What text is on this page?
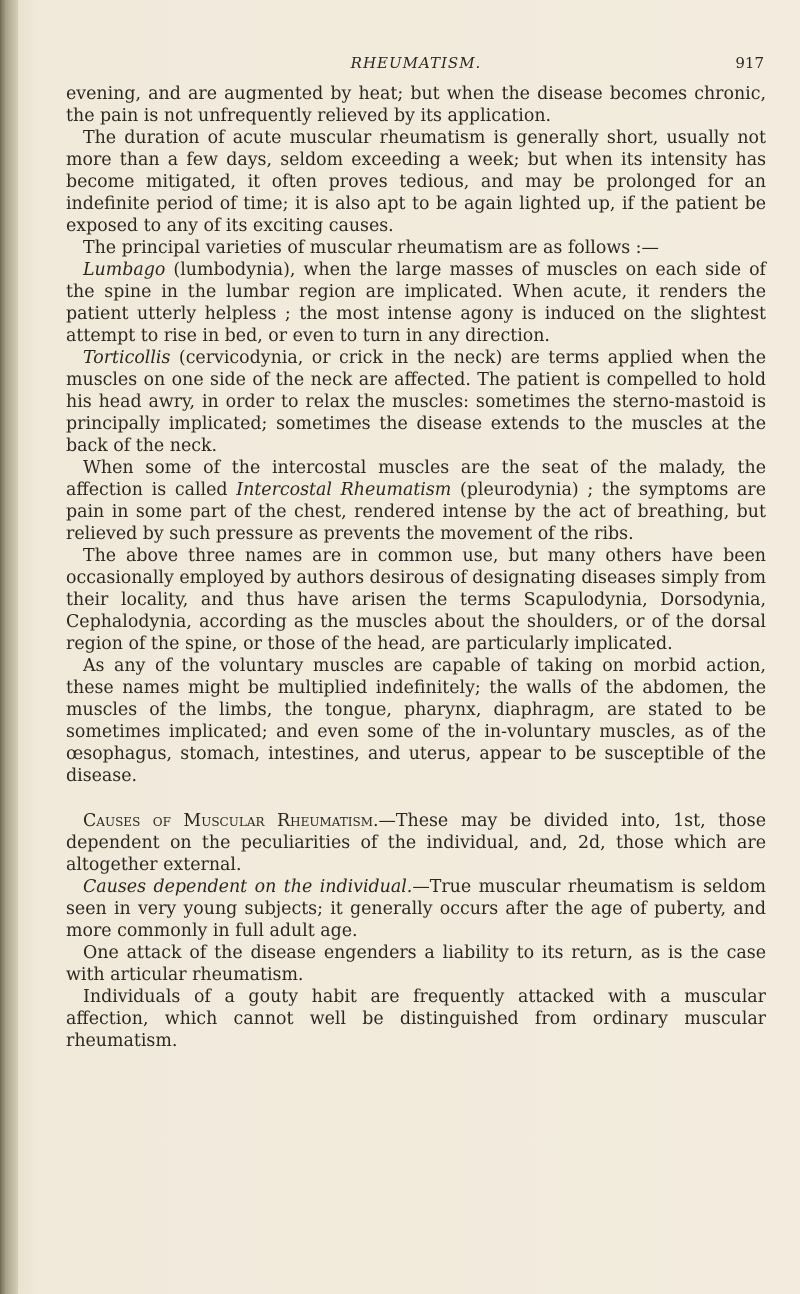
RHEUMATISM.	917

evening, and are augmented by heat; but when the disease becomes chronic, the pain is not unfrequently relieved by its application.

The duration of acute muscular rheumatism is generally short, usually not more than a few days, seldom exceeding a week; but when its intensity has become mitigated, it often proves tedious, and may be prolonged for an indefinite period of time; it is also apt to be again lighted up, if the patient be exposed to any of its exciting causes.

The principal varieties of muscular rheumatism are as follows :—

Lumbago (lumbodynia), when the large masses of muscles on each side of the spine in the lumbar region are implicated. When acute, it renders the patient utterly helpless ; the most intense agony is induced on the slightest attempt to rise in bed, or even to turn in any direction.

Torticollis (cervicodynia, or crick in the neck) are terms applied when the muscles on one side of the neck are affected. The patient is compelled to hold his head awry, in order to relax the muscles: sometimes the sterno-mastoid is principally implicated; sometimes the disease extends to the muscles at the back of the neck.

When some of the intercostal muscles are the seat of the malady, the affection is called Intercostal Rheumatism (pleurodynia) ; the symptoms are pain in some part of the chest, rendered intense by the act of breathing, but relieved by such pressure as prevents the movement of the ribs.

The above three names are in common use, but many others have been occasionally employed by authors desirous of designating diseases simply from their locality, and thus have arisen the terms Scapulodynia, Dorsodynia, Cephalodynia, according as the muscles about the shoulders, or of the dorsal region of the spine, or those of the head, are particularly implicated.

As any of the voluntary muscles are capable of taking on morbid action, these names might be multiplied indefinitely; the walls of the abdomen, the muscles of the limbs, the tongue, pharynx, diaphragm, are stated to be sometimes implicated; and even some of the in-voluntary muscles, as of the œsophagus, stomach, intestines, and uterus, appear to be susceptible of the disease.

Causes of Muscular Rheumatism.—These may be divided into, 1st, those dependent on the peculiarities of the individual, and, 2d, those which are altogether external.

Causes dependent on the individual.—True muscular rheumatism is seldom seen in very young subjects; it generally occurs after the age of puberty, and more commonly in full adult age.

One attack of the disease engenders a liability to its return, as is the case with articular rheumatism.

Individuals of a gouty habit are frequently attacked with a muscular affection, which cannot well be distinguished from ordinary muscular rheumatism.
